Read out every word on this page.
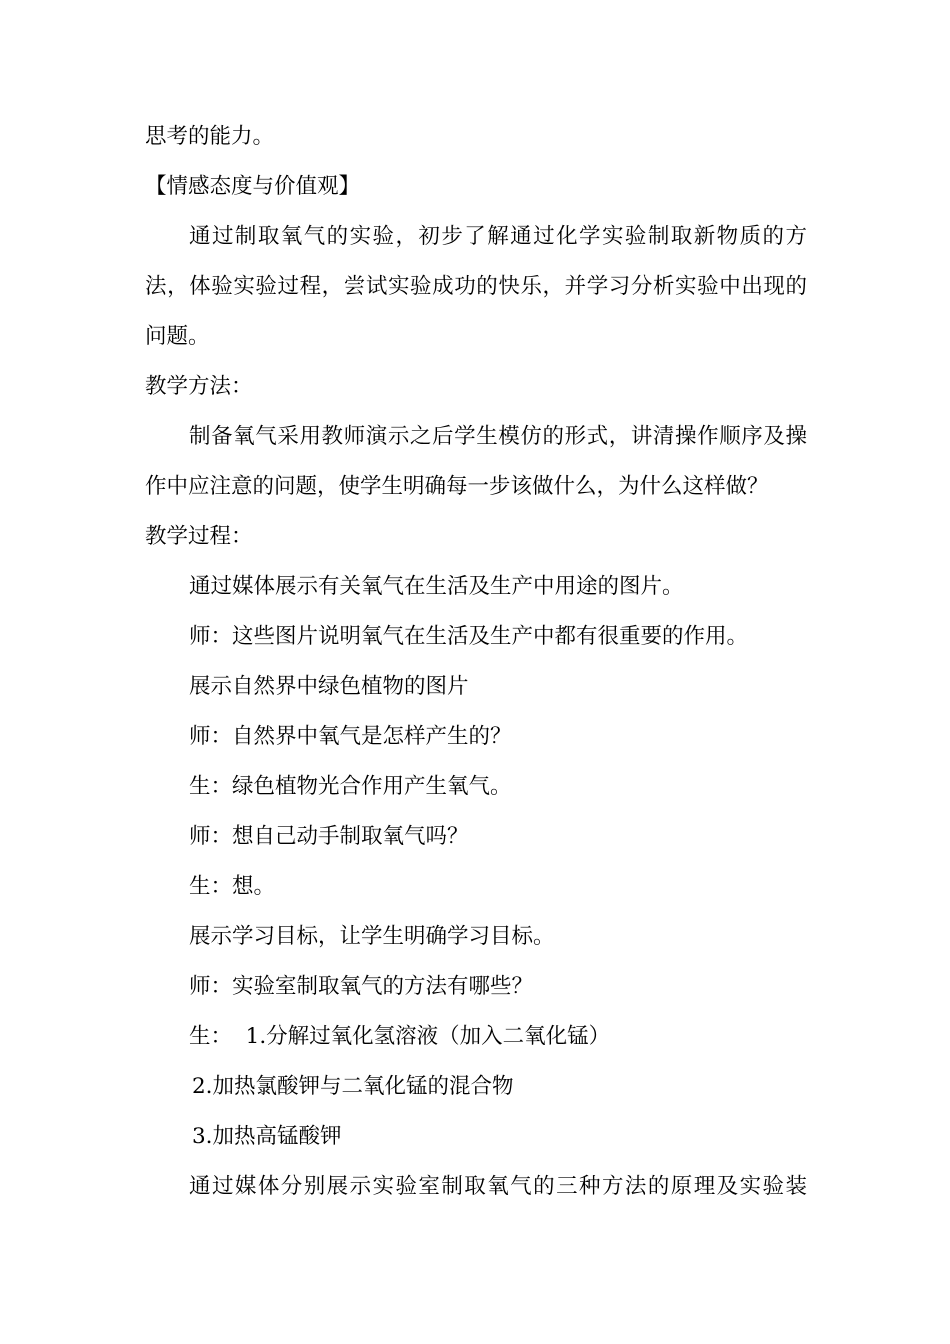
思考的能力。

【情感态度与价值观】

通过制取氧气的实验，初步了解通过化学实验制取新物质的方

法，体验实验过程，尝试实验成功的快乐，并学习分析实验中出现的

问题。

教学方法：

制备氧气采用教师演示之后学生模仿的形式，讲清操作顺序及操

作中应注意的问题，使学生明确每一步该做什么，为什么这样做？

教学过程：

通过媒体展示有关氧气在生活及生产中用途的图片。

师：这些图片说明氧气在生活及生产中都有很重要的作用。

展示自然界中绿色植物的图片

师：自然界中氧气是怎样产生的？

生：绿色植物光合作用产生氧气。

师：想自己动手制取氧气吗？

生：想。

展示学习目标，让学生明确学习目标。

师：实验室制取氧气的方法有哪些？

生：  1.分解过氧化氢溶液（加入二氧化锰）

2.加热氯酸钾与二氧化锰的混合物

3.加热高锰酸钾

通过媒体分别展示实验室制取氧气的三种方法的原理及实验装
